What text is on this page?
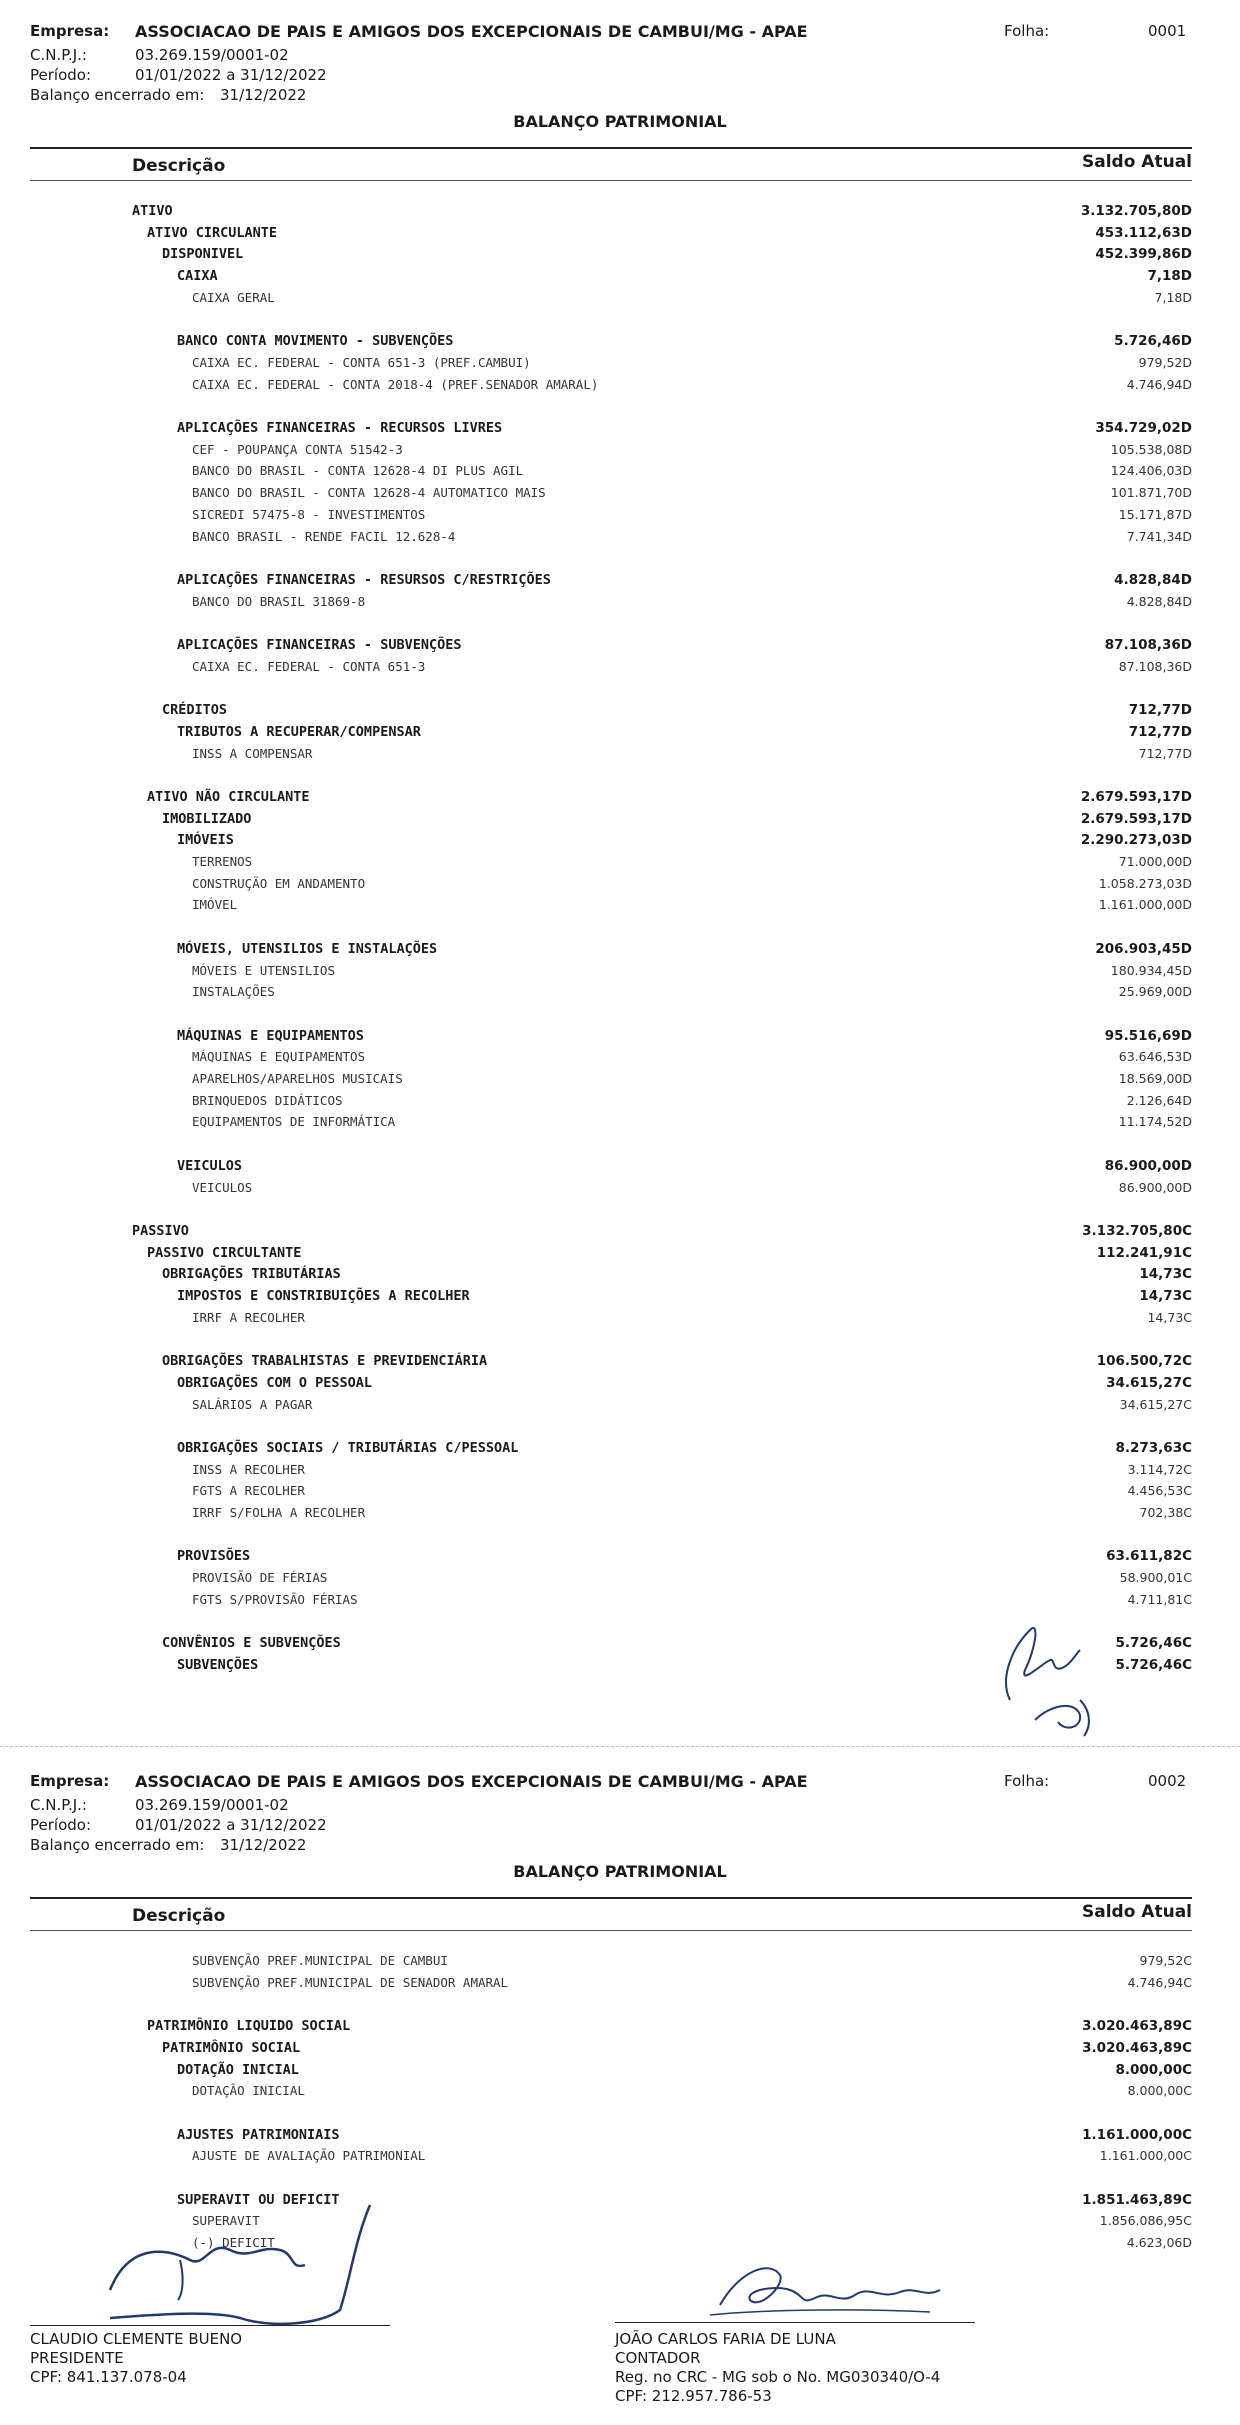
Empresa: ASSOCIACAO DE PAIS E AMIGOS DOS EXCEPCIONAIS DE CAMBUI/MG - APAE	Folha:	0001
C.N.P.J.:	03.269.159/0001-02
Período:	01/01/2022 a 31/12/2022
Balanço encerrado em: 31/12/2022
BALANÇO PATRIMONIAL
Descrição	Saldo Atual
ATIVO	3.132.705,80D
ATIVO CIRCULANTE	453.112,63D
DISPONIVEL	452.399,86D
CAIXA	7,18D
CAIXA GERAL	7,18D
BANCO CONTA MOVIMENTO - SUBVENÇÕES	5.726,46D
CAIXA EC. FEDERAL - CONTA 651-3 (PREF.CAMBUI)	979,52D
CAIXA EC. FEDERAL - CONTA 2018-4 (PREF.SENADOR AMARAL)	4.746,94D
APLICAÇÕES FINANCEIRAS - RECURSOS LIVRES	354.729,02D
CEF - POUPANÇA CONTA 51542-3	105.538,08D
BANCO DO BRASIL - CONTA 12628-4 DI PLUS AGIL	124.406,03D
BANCO DO BRASIL - CONTA 12628-4 AUTOMATICO MAIS	101.871,70D
SICREDI 57475-8 - INVESTIMENTOS	15.171,87D
BANCO BRASIL - RENDE FACIL 12.628-4	7.741,34D
APLICAÇÕES FINANCEIRAS - RESURSOS C/RESTRIÇÕES	4.828,84D
BANCO DO BRASIL 31869-8	4.828,84D
APLICAÇÕES FINANCEIRAS - SUBVENÇÕES	87.108,36D
CAIXA EC. FEDERAL - CONTA 651-3	87.108,36D
CRÉDITOS	712,77D
TRIBUTOS A RECUPERAR/COMPENSAR	712,77D
INSS A COMPENSAR	712,77D
ATIVO NÃO CIRCULANTE	2.679.593,17D
IMOBILIZADO	2.679.593,17D
IMÓVEIS	2.290.273,03D
TERRENOS	71.000,00D
CONSTRUÇÃO EM ANDAMENTO	1.058.273,03D
IMÓVEL	1.161.000,00D
MÓVEIS, UTENSILIOS E INSTALAÇÕES	206.903,45D
MÓVEIS E UTENSILIOS	180.934,45D
INSTALAÇÕES	25.969,00D
MÁQUINAS E EQUIPAMENTOS	95.516,69D
MÁQUINAS E EQUIPAMENTOS	63.646,53D
APARELHOS/APARELHOS MUSICAIS	18.569,00D
BRINQUEDOS DIDÁTICOS	2.126,64D
EQUIPAMENTOS DE INFORMÁTICA	11.174,52D
VEICULOS	86.900,00D
VEICULOS	86.900,00D
PASSIVO	3.132.705,80C
PASSIVO CIRCULTANTE	112.241,91C
OBRIGAÇÕES TRIBUTÁRIAS	14,73C
IMPOSTOS E CONSTRIBUIÇÕES A RECOLHER	14,73C
IRRF A RECOLHER	14,73C
OBRIGAÇÕES TRABALHISTAS E PREVIDENCIÁRIA	106.500,72C
OBRIGAÇÕES COM O PESSOAL	34.615,27C
SALÁRIOS A PAGAR	34.615,27C
OBRIGAÇÕES SOCIAIS / TRIBUTÁRIAS C/PESSOAL	8.273,63C
INSS A RECOLHER	3.114,72C
FGTS A RECOLHER	4.456,53C
IRRF S/FOLHA A RECOLHER	702,38C
PROVISÕES	63.611,82C
PROVISÃO DE FÉRIAS	58.900,01C
FGTS S/PROVISÃO FÉRIAS	4.711,81C
CONVÊNIOS E SUBVENÇÕES	5.726,46C
SUBVENÇÕES	5.726,46C
Empresa: ASSOCIACAO DE PAIS E AMIGOS DOS EXCEPCIONAIS DE CAMBUI/MG - APAE	Folha:	0002
C.N.P.J.:	03.269.159/0001-02
Período:	01/01/2022 a 31/12/2022
Balanço encerrado em: 31/12/2022
BALANÇO PATRIMONIAL
Descrição	Saldo Atual
SUBVENÇÃO PREF.MUNICIPAL DE CAMBUI	979,52C
SUBVENÇÃO PREF.MUNICIPAL DE SENADOR AMARAL	4.746,94C
PATRIMÔNIO LIQUIDO SOCIAL	3.020.463,89C
PATRIMÔNIO SOCIAL	3.020.463,89C
DOTAÇÃO INICIAL	8.000,00C
DOTAÇÃO INICIAL	8.000,00C
AJUSTES PATRIMONIAIS	1.161.000,00C
AJUSTE DE AVALIAÇÃO PATRIMONIAL	1.161.000,00C
SUPERAVIT OU DEFICIT	1.851.463,89C
SUPERAVIT	1.856.086,95C
(-) DEFICIT	4.623,06D
CLAUDIO CLEMENTE BUENO
PRESIDENTE
CPF: 841.137.078-04
JOÃO CARLOS FARIA DE LUNA
CONTADOR
Reg. no CRC - MG sob o No. MG030340/O-4
CPF: 212.957.786-53
